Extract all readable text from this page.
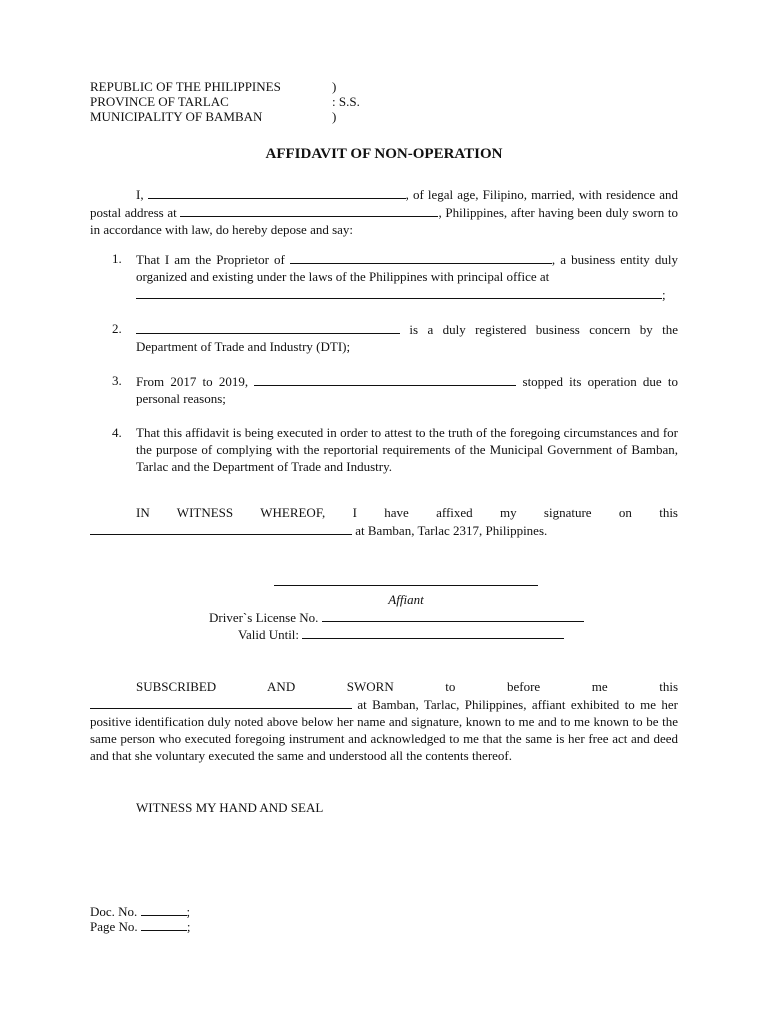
REPUBLIC OF THE PHILIPPINES	)
PROVINCE OF TARLAC	: S.S.
MUNICIPALITY OF BAMBAN	)
AFFIDAVIT OF NON-OPERATION
I,	, of legal age, Filipino, married, with residence and postal address at	, Philippines, after having been duly sworn to in accordance with law, do hereby depose and say:
1. That I am the Proprietor of	, a business entity duly organized and existing under the laws of the Philippines with principal office at
;
2.	is a duly registered business concern by the Department of Trade and Industry (DTI);
3. From 2017 to 2019,	stopped its operation due to personal reasons;
4. That this affidavit is being executed in order to attest to the truth of the foregoing circumstances and for the purpose of complying with the reportorial requirements of the Municipal Government of Bamban, Tarlac and the Department of Trade and Industry.
IN WITNESS WHEREOF, I have affixed my signature on this
at Bamban, Tarlac 2317, Philippines.
Affiant
Driver`s License No.
Valid Until:
SUBSCRIBED AND SWORN to before me this
at Bamban, Tarlac, Philippines, affiant exhibited to me her positive identification duly noted above below her name and signature, known to me and to me known to be the same person who executed foregoing instrument and acknowledged to me that the same is her free act and deed and that she voluntary executed the same and understood all the contents thereof.
WITNESS MY HAND AND SEAL
Doc. No.	;
Page No.	;
